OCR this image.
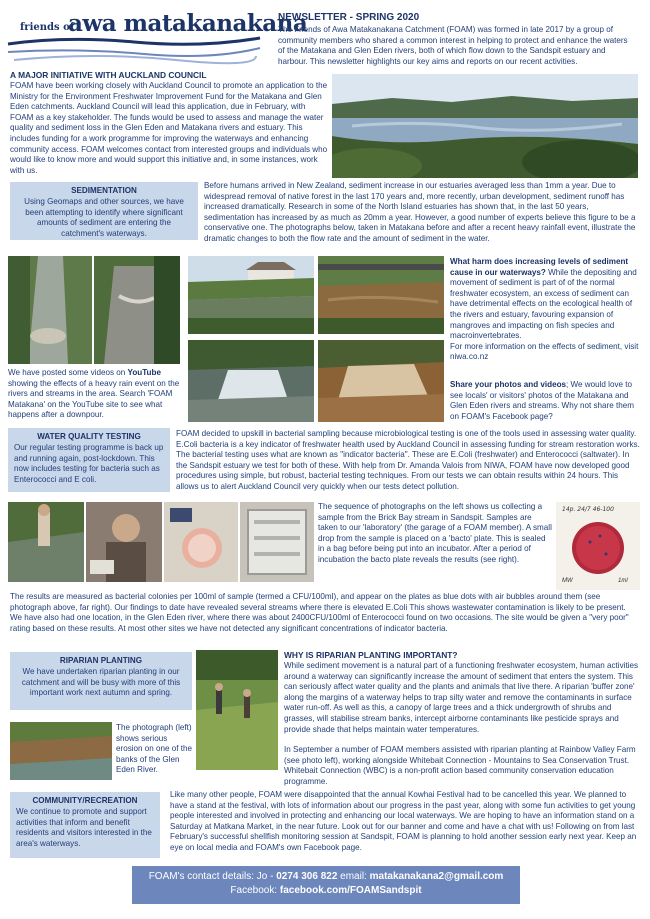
friends of
awa matakanakana
NEWSLETTER - SPRING 2020
The Friends of Awa Matakanakana Catchment (FOAM) was formed in late 2017 by a group of community members who shared a common interest in helping to protect and enhance the waters of the Matakana and Glen Eden rivers, both of which flow down to the Sandspit estuary and harbour. This newsletter highlights our key aims and reports on our recent activities.
A MAJOR INITIATIVE WITH AUCKLAND COUNCIL
FOAM have been working closely with Auckland Council to promote an application to the Ministry for the Environment Freshwater Improvement Fund for the Matakana and Glen Eden catchments. Auckland Council will lead this application, due in February, with FOAM as a key stakeholder. The funds would be used to assess and manage the water quality and sediment loss in the Glen Eden and Matakana rivers and estuary. This includes funding for a work programme for improving the waterways and enhancing community access. FOAM welcomes contact from interested groups and individuals who would like to know more and would support this initiative and, in some instances, work with us.
SEDIMENTATION
Using Geomaps and other sources, we have been attempting to identify where significant amounts of sediment are entering the catchment's waterways.
Before humans arrived in New Zealand, sediment increase in our estuaries averaged less than 1mm a year. Due to widespread removal of native forest in the last 170 years and, more recently, urban development, sediment runoff has increased dramatically. Research in some of the North Island estuaries has shown that, in the last 50 years, sedimentation has increased by as much as 20mm a year. However, a good number of experts believe this figure to be a conservative one. The photographs below, taken in Matakana before and after a recent heavy rainfall event, illustrate the dramatic changes to both the flow rate and the amount of sediment in the water.
What harm does increasing levels of sediment cause in our waterways? While the depositing and movement of sediment is part of of the normal freshwater ecosystem, an excess of sediment can have detrimental effects on the ecological health of the rivers and estuary, favouring expansion of mangroves and impacting on fish species and macroinvertebrates.
For more information on the effects of sediment, visit niwa.co.nz
We have posted some videos on YouTube showing the effects of a heavy rain event on the rivers and streams in the area. Search 'FOAM Matakana' on the YouTube site to see what happens after a downpour.
Share your photos and videos; We would love to see locals' or visitors' photos of the Matakana and Glen Eden rivers and streams. Why not share them on FOAM's Facebook page?
WATER QUALITY TESTING
Our regular testing programme is back up and running again, post-lockdown. This now includes testing for bacteria such as Enterococci and E coli.
FOAM decided to upskill in bacterial sampling because microbiological testing is one of the tools used in assessing water quality. E.Coli bacteria is a key indicator of freshwater health used by Auckland Council in assessing funding for stream restoration works. The bacterial testing uses what are known as "indicator bacteria". These are E.Coli (freshwater) and Enterococci (saltwater). In the Sandspit estuary we test for both of these. With help from Dr. Amanda Valois from NIWA, FOAM have now developed good procedures using simple, but robust, bacterial testing techniques. From our tests we can obtain results within 24 hours. This allows us to alert Auckland Council very quickly when our tests detect pollution.
The sequence of photographs on the left shows us collecting a sample from the Brick Bay stream in Sandspit. Samples are taken to our 'laboratory' (the garage of a FOAM member). A small drop from the sample is placed on a 'bacto' plate. This is sealed in a bag before being put into an incubator. After a period of incubation the bacto plate reveals the results (see right).
14p. 24/7 46-100
MW	1ml
The results are measured as bacterial colonies per 100ml of sample (termed a CFU/100ml), and appear on the plates as blue dots with air bubbles around them (see photograph above, far right). Our findings to date have revealed several streams where there is elevated E.Coli This shows wastewater contamination is likely to be present. We have also had one location, in the Glen Eden river, where there was about 2400CFU/100ml of Enterococci found on two occasions. The site would be given a "very poor" rating based on these results. At most other sites we have not detected any significant concentrations of indicator bacteria.
RIPARIAN PLANTING
We have undertaken riparian planting in our catchment and will be busy with more of this important work next autumn and spring.
WHY IS RIPARIAN PLANTING IMPORTANT?
While sediment movement is a natural part of a functioning freshwater ecosystem, human activities around a waterway can significantly increase the amount of sediment that enters the system. This can seriously affect water quality and the plants and animals that live there. A riparian 'buffer zone' along the margins of a waterway helps to trap silty water and remove the contaminants in surface water run-off. As well as this, a canopy of large trees and a thick undergrowth of shrubs and grasses, will stabilise stream banks, intercept airborne contaminants like pesticide sprays and provide shade that helps maintain water temperatures.
In September a number of FOAM members assisted with riparian planting at Rainbow Valley Farm (see photo left), working alongside Whitebait Connection - Mountains to Sea Conservation Trust. Whitebait Connection (WBC) is a non-profit action based community conservation education programme.
The photograph (left) shows serious erosion on one of the banks of the Glen Eden River.
COMMUNITY/RECREATION
We continue to promote and support activities that inform and benefit residents and visitors interested in the area's waterways.
Like many other people, FOAM were disappointed that the annual Kowhai Festival had to be cancelled this year. We planned to have a stand at the festival, with lots of information about our progress in the past year, along with some fun activities to get young people interested and involved in protecting and enhancing our local waterways. We are hoping to have an information stand on a Saturday at Matkana Market, in the near future. Look out for our banner and come and have a chat with us! Following on from last February's successful shellfish monitoring session at Sandspit, FOAM is planning to hold another session early next year. Keep an eye on local media and FOAM's own Facebook page.
FOAM's contact details: Jo - 0274 306 822 email: matakanakana2@gmail.com
Facebook: facebook.com/FOAMSandspit
